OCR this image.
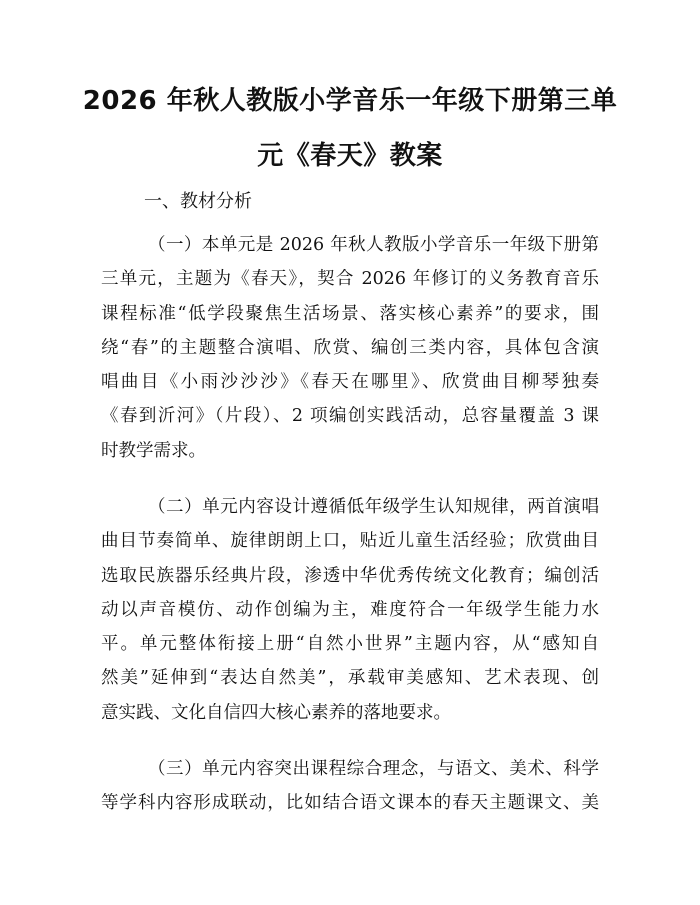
2026 年秋人教版小学音乐一年级下册第三单
元《春天》教案

一、教材分析

（一）本单元是 2026 年秋人教版小学音乐一年级下册第
三单元，主题为《春天》，契合 2026 年修订的义务教育音乐
课程标准“低学段聚焦生活场景、落实核心素养”的要求，围
绕“春”的主题整合演唱、欣赏、编创三类内容，具体包含演
唱曲目《小雨沙沙沙》《春天在哪里》、欣赏曲目柳琴独奏
《春到沂河》（片段）、2 项编创实践活动，总容量覆盖 3 课
时教学需求。
（二）单元内容设计遵循低年级学生认知规律，两首演唱
曲目节奏简单、旋律朗朗上口，贴近儿童生活经验；欣赏曲目
选取民族器乐经典片段，渗透中华优秀传统文化教育；编创活
动以声音模仿、动作创编为主，难度符合一年级学生能力水
平。单元整体衔接上册“自然小世界”主题内容，从“感知自
然美”延伸到“表达自然美”，承载审美感知、艺术表现、创
意实践、文化自信四大核心素养的落地要求。
（三）单元内容突出课程综合理念，与语文、美术、科学
等学科内容形成联动，比如结合语文课本的春天主题课文、美
